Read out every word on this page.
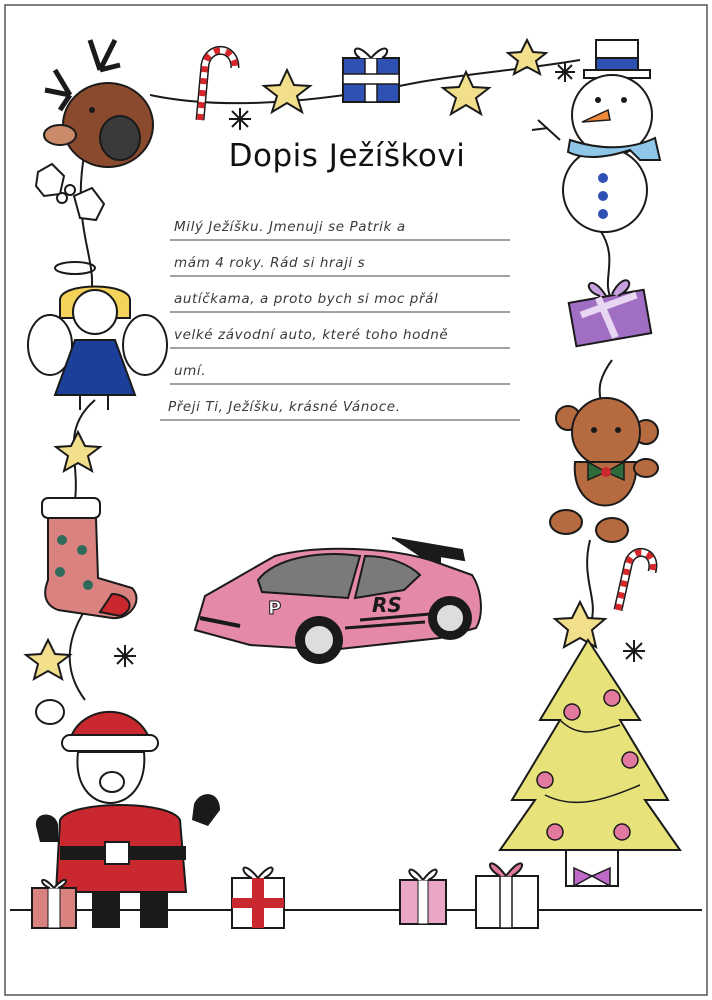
P	RS
Dopis Ježíškovi
Milý Ježíšku. Jmenuji se Patrik a
mám 4 roky. Rád si hraji s
autíčkama, a proto bych si moc přál
velké závodní auto, které toho hodně
umí.
Přeji Ti, Ježíšku, krásné Vánoce.
